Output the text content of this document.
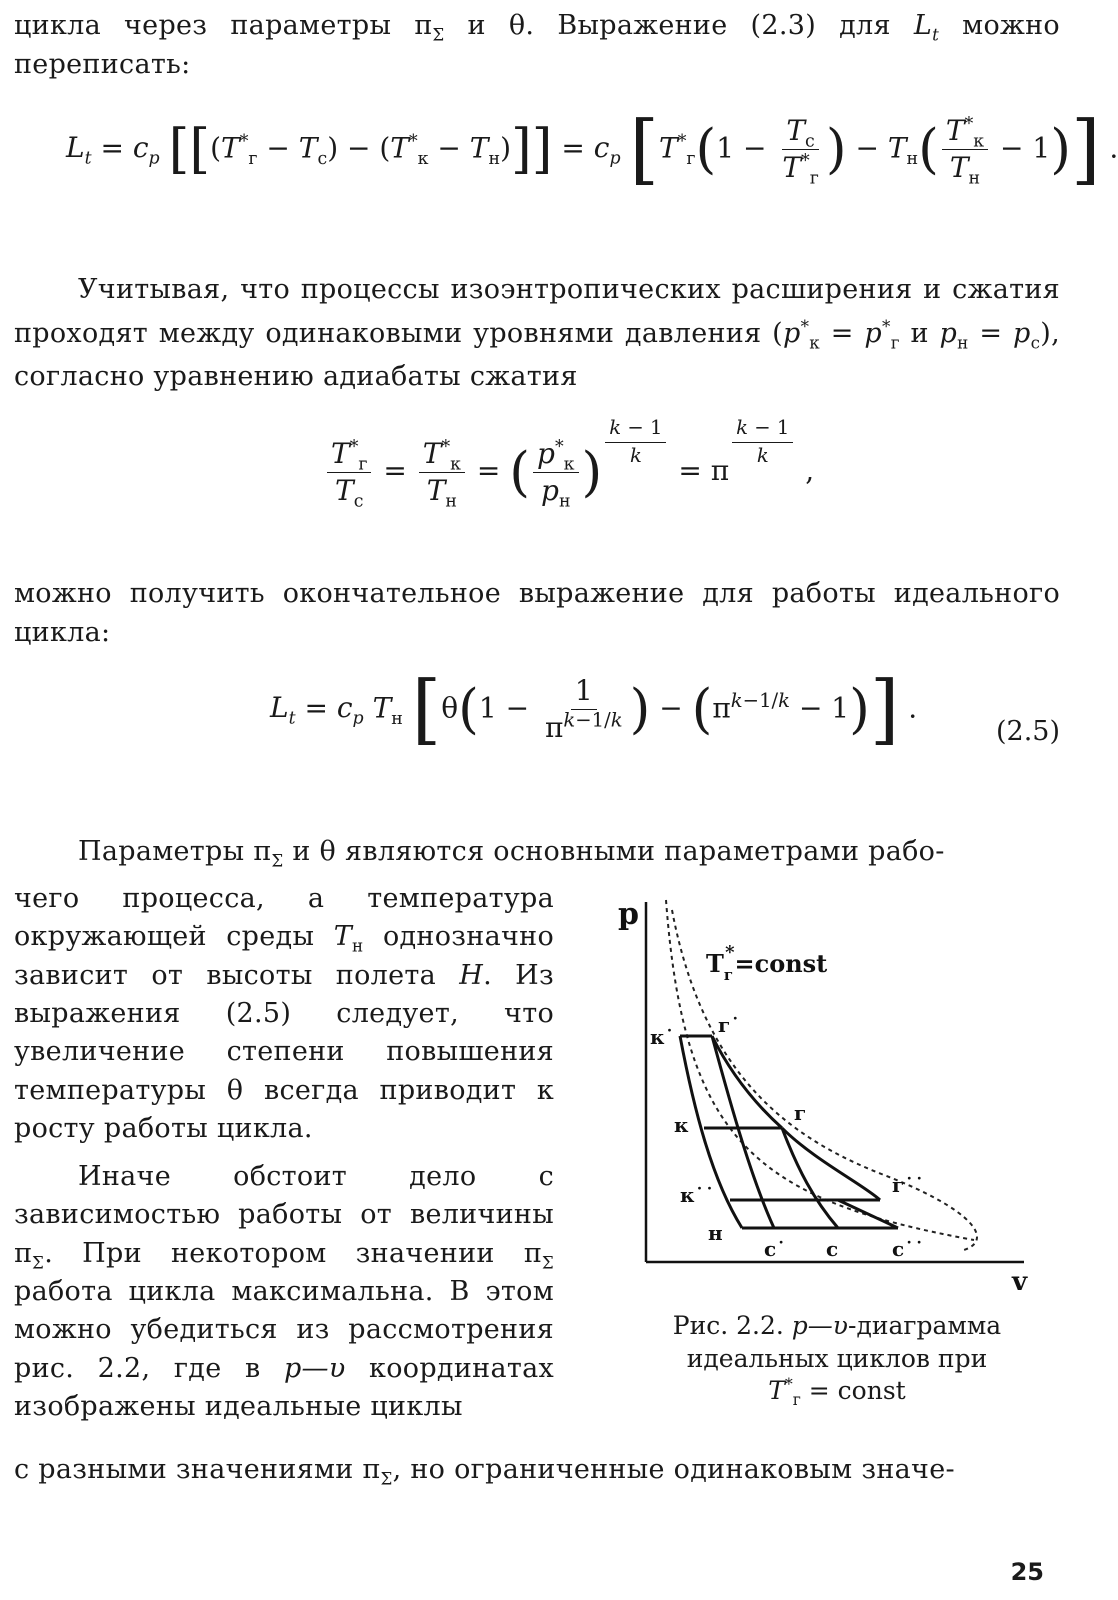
цикла через параметры $\pi_\Sigma$ и θ. Выражение (2.3) для $L_t$ можно переписать:

$L_t = c_p$ $[[(T^*_г - T_с) - (T^*_к - T_н)]] = c_p$ [$T^*_г(1 - \frac{T_с}{T^*_г}$ ) − $T_н( \frac{T^*_к}{T_н} - 1)$] .

Учитывая, что процессы изоэнтропических расширения и сжатия проходят между одинаковыми уровнями давления ($p^*_к = p^*_г$ и $p_н = p_с$), согласно уравнению адиабаты сжатия

$\frac{T^*_г}{T_с} = \frac{T^*_к}{T_н}$ = ( $\frac{p^*_к}{p_н}$ ) $^{\frac{k - 1}{k}}$
= π
$^{\frac{k - 1}{k}}$
,

можно получить окончательное выражение для работы идеального цикла:

$L_t = c_p$ $T_н$ [$\theta(1 - \frac{1}{\pi^{k-1/k}}$ ) − $(\pi^{k-1/k} - 1)$] .
(2.5)

Параметры $\pi_\Sigma$ и θ являются основными параметрами рабо-

чего процесса, а температура окружающей среды $T_н$ однозначно зависит от высоты полета H. Из выражения (2.5) следует, что увеличение степени повышения температуры θ всегда приводит к росту работы цикла.

Иначе обстоит дело с зависимостью работы от величины $\pi_\Sigma$. При некотором значении $\pi_\Sigma$ работа цикла максимальна. В этом можно убедиться из рассмотрения рис. 2.2, где в p—υ координатах изображены идеальные циклы

с разными значениями $\pi_\Sigma$, но ограниченные одинаковым значе-

p
v
$T_г*=const$
к˙ г˙
к	г
к˙˙	г˙˙
н
с˙ с	с˙˙
Рис. 2.2. p—υ-диаграмма
идеальных циклов при
$T^*_г$ = const
25
